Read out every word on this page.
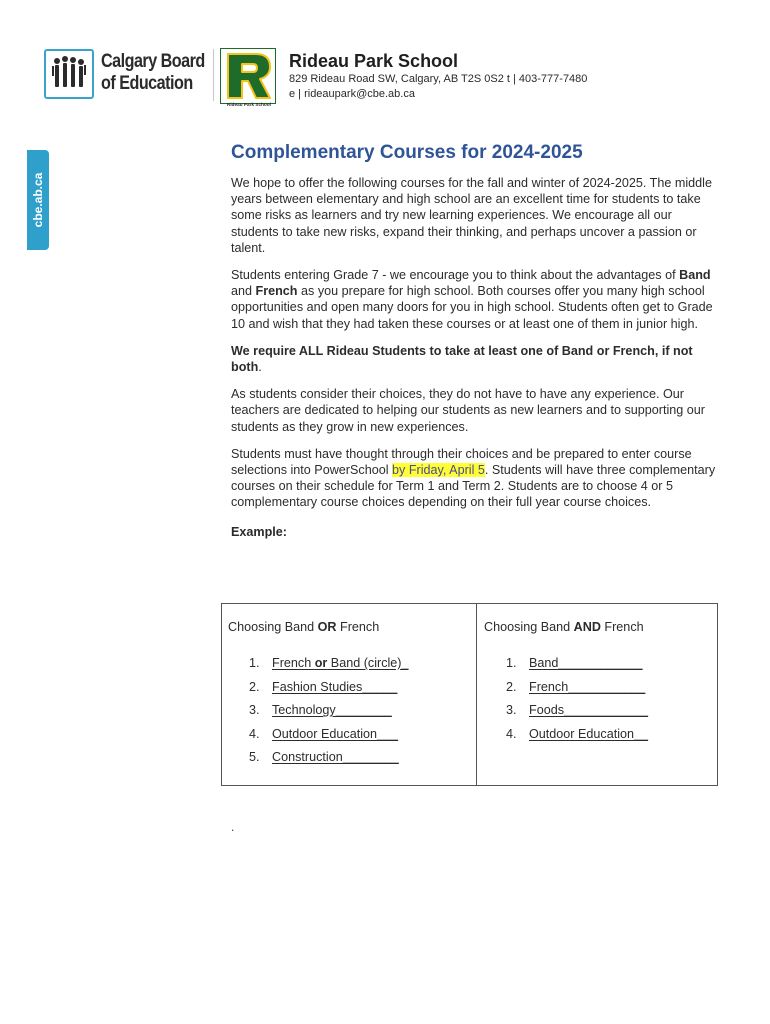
Calgary Board
of Education
Rideau Park School
Rideau Park School
829 Rideau Road SW, Calgary, AB T2S 0S2 t | 403-777-7480
e | rideaupark@cbe.ab.ca
cbe.ab.ca
Complementary Courses for 2024-2025

We hope to offer the following courses for the fall and winter of 2024-2025. The middle years between elementary and high school are an excellent time for students to take some risks as learners and try new learning experiences. We encourage all our students to take new risks, expand their thinking, and perhaps uncover a passion or talent.

Students entering Grade 7 - we encourage you to think about the advantages of Band and French as you prepare for high school. Both courses offer you many high school opportunities and open many doors for you in high school. Students often get to Grade 10 and wish that they had taken these courses or at least one of them in junior high.

We require ALL Rideau Students to take at least one of Band or French, if not both.

As students consider their choices, they do not have to have any experience. Our teachers are dedicated to helping our students as new learners and to supporting our students as they grow in new experiences.

Students must have thought through their choices and be prepared to enter course selections into PowerSchool by Friday, April 5. Students will have three complementary courses on their schedule for Term 1 and Term 2. Students are to choose 4 or 5 complementary course choices depending on their full year course choices.

Example:
Choosing Band OR French
1. French or Band (circle)_
2. Fashion Studies_____
3. Technology________
4. Outdoor Education___
5. Construction________
Choosing Band AND French
1. Band____________
2. French___________
3. Foods____________
4. Outdoor Education__
.
